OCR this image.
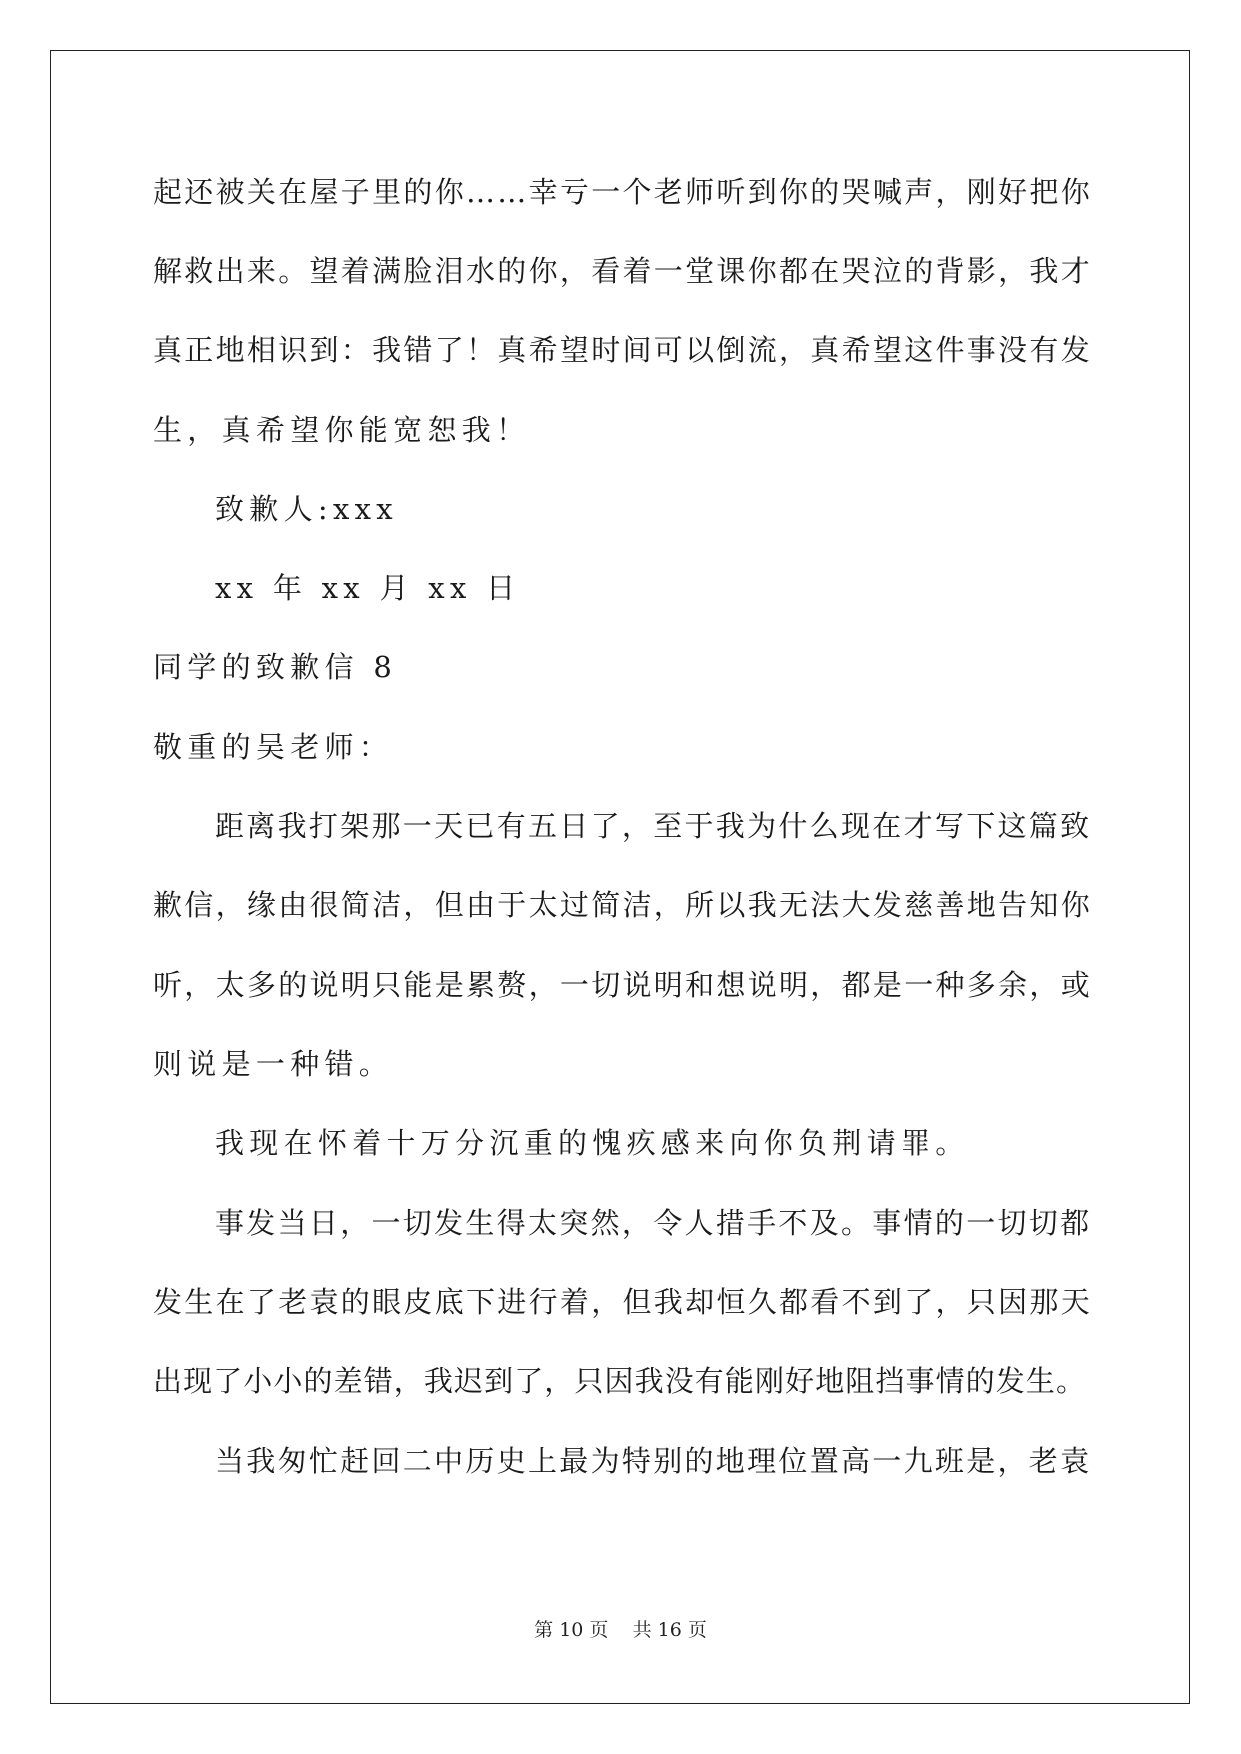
起还被关在屋子里的你……幸亏一个老师听到你的哭喊声，刚好把你
解救出来。望着满脸泪水的你，看着一堂课你都在哭泣的背影，我才
真正地相识到：我错了！真希望时间可以倒流，真希望这件事没有发
生，真希望你能宽恕我！
致歉人:xxx
xx 年 xx 月 xx 日
同学的致歉信 8
敬重的吴老师：
距离我打架那一天已有五日了，至于我为什么现在才写下这篇致
歉信，缘由很简洁，但由于太过简洁，所以我无法大发慈善地告知你
听，太多的说明只能是累赘，一切说明和想说明，都是一种多余，或
则说是一种错。
我现在怀着十万分沉重的愧疚感来向你负荆请罪。
事发当日，一切发生得太突然，令人措手不及。事情的一切切都
发生在了老袁的眼皮底下进行着，但我却恒久都看不到了，只因那天
出现了小小的差错，我迟到了，只因我没有能刚好地阻挡事情的发生。
当我匆忙赶回二中历史上最为特别的地理位置高一九班是，老袁
第 10 页    共 16 页
